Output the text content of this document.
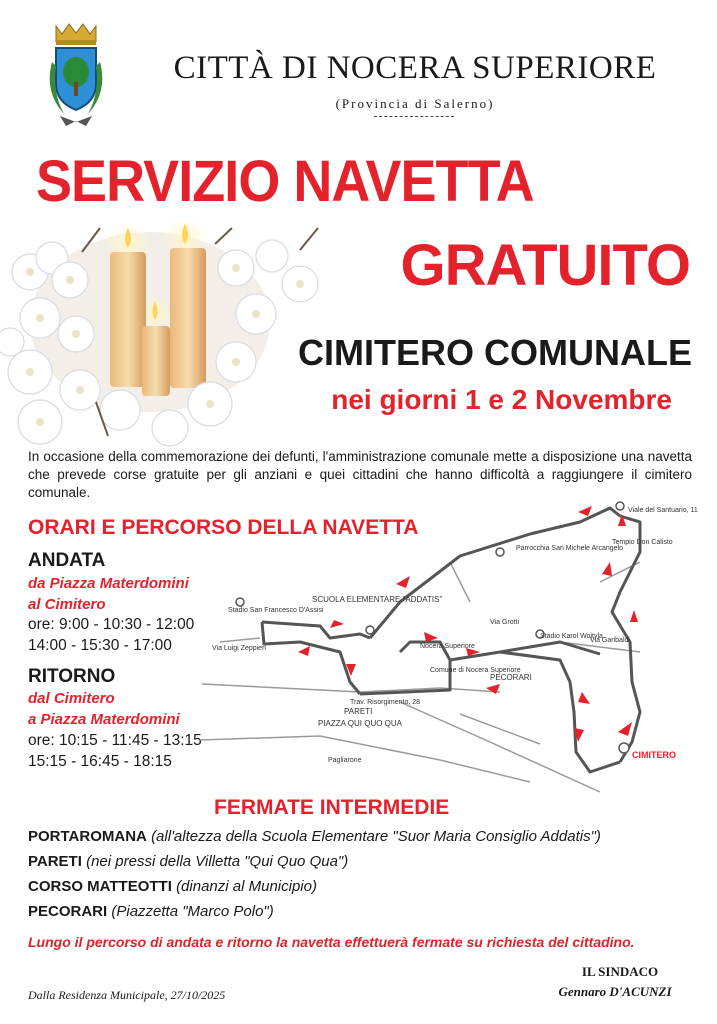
CITTÀ DI NOCERA SUPERIORE
(Provincia di Salerno)
SERVIZIO NAVETTA
GRATUITO
CIMITERO COMUNALE
nei giorni 1 e 2 Novembre
In occasione della commemorazione dei defunti, l'amministrazione comunale mette a disposizione una navetta che prevede corse gratuite per gli anziani e quei cittadini che hanno difficoltà a raggiungere il cimitero comunale.
ORARI E PERCORSO DELLA NAVETTA
ANDATA
da Piazza Materdomini
al Cimitero
ore: 9:00 - 10:30 - 12:00
14:00 - 15:30 - 17:00
RITORNO
dal Cimitero
a Piazza Materdomini
ore: 10:15 - 11:45 - 13:15
15:15 - 16:45 - 18:15
Viale del Santuario, 11
Tempio Don Calisto
Parrocchia San Michele Arcangelo
Stadio San Francesco D'Assisi
SCUOLA ELEMENTARE "ADDATIS"
Stadio Karol Wojtyla
Comune di Nocera Superiore
Nocera Superiore
PECORARI
PARETI
PIAZZA QUI QUO QUA
Trav. Risorgimento, 28
CIMITERO
Pagliarone
Via Luigi Zeppieri
Via Garibaldi
Via Grotti
FERMATE INTERMEDIE
PORTAROMANA (all'altezza della Scuola Elementare "Suor Maria Consiglio Addatis")
PARETI (nei pressi della Villetta "Qui Quo Qua")
CORSO MATTEOTTI (dinanzi al Municipio)
PECORARI (Piazzetta "Marco Polo")
Lungo il percorso di andata e ritorno la navetta effettuerà fermate su richiesta del cittadino.
Dalla Residenza Municipale, 27/10/2025
IL SINDACO
Gennaro D'ACUNZI
